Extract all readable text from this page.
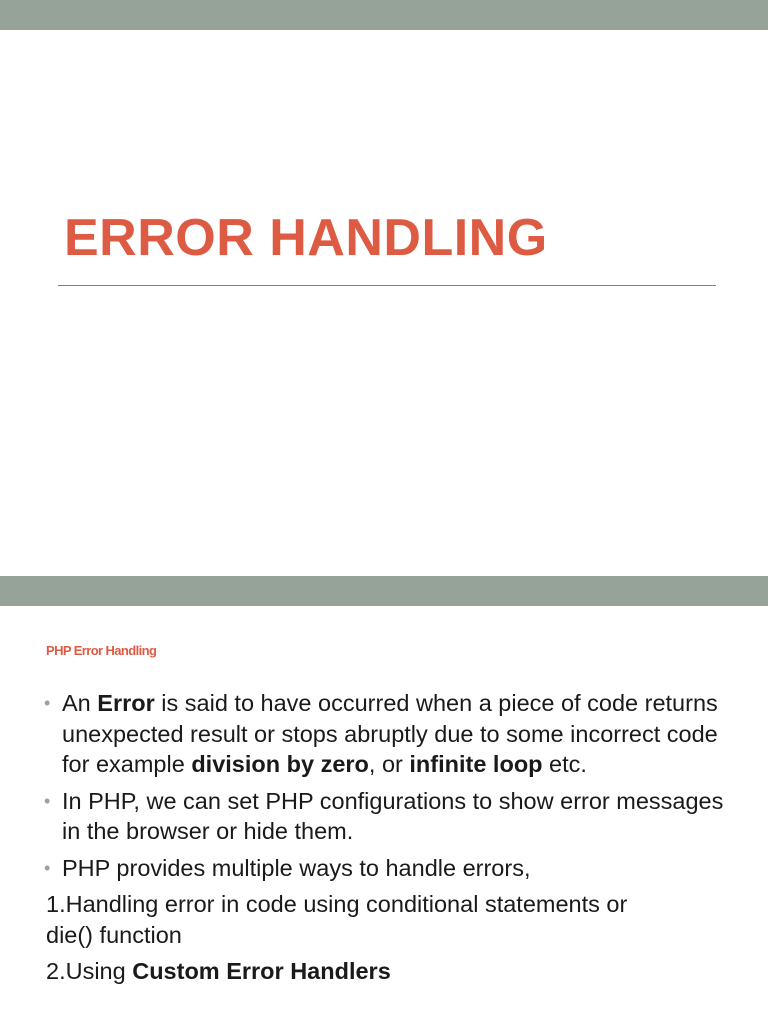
ERROR HANDLING
PHP Error Handling
• An Error is said to have occurred when a piece of code returns unexpected result or stops abruptly due to some incorrect code for example division by zero, or infinite loop etc.
• In PHP, we can set PHP configurations to show error messages in the browser or hide them.
• PHP provides multiple ways to handle errors,
1.Handling error in code using conditional statements or die() function
2.Using Custom Error Handlers
